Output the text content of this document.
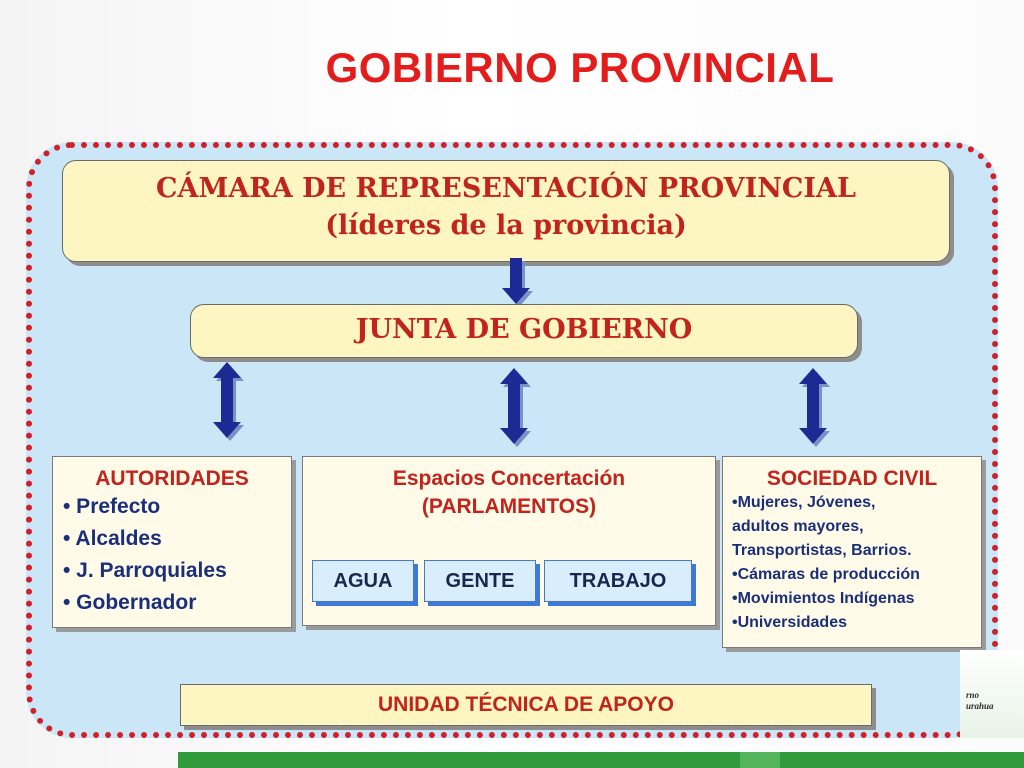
GOBIERNO PROVINCIAL
CÁMARA DE REPRESENTACIÓN PROVINCIAL
(líderes de la provincia)
JUNTA DE GOBIERNO
AUTORIDADES
• Prefecto
• Alcaldes
• J. Parroquiales
• Gobernador
Espacios Concertación
(PARLAMENTOS)
AGUA	GENTE	TRABAJO
SOCIEDAD CIVIL
•Mujeres, Jóvenes,
adultos mayores,
Transportistas, Barrios.
•Cámaras de producción
•Movimientos Indígenas
•Universidades
UNIDAD TÉCNICA DE APOYO	rno
urahua
